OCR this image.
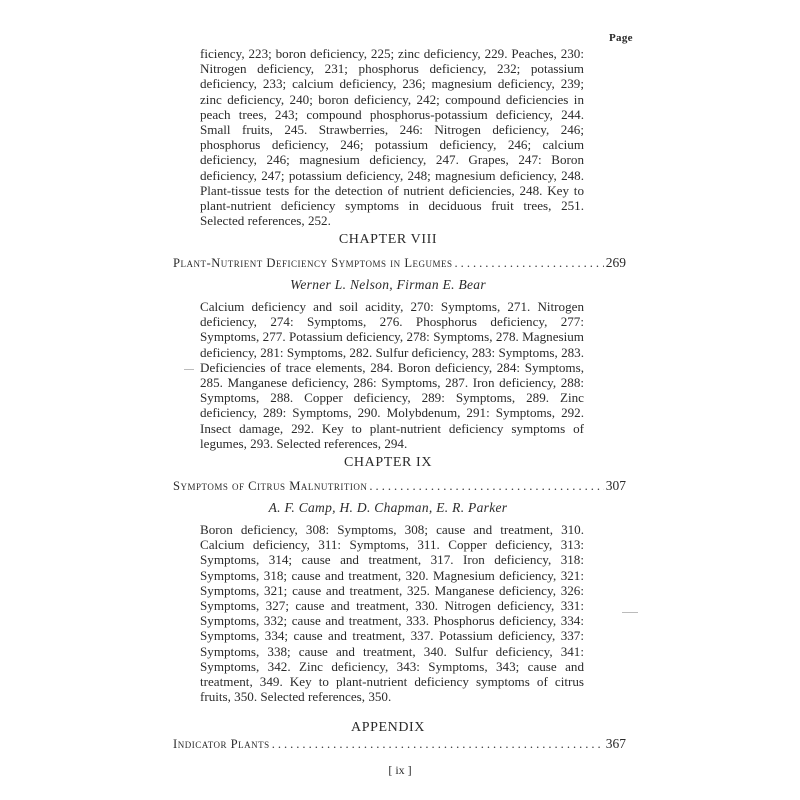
Page

ficiency, 223; boron deficiency, 225; zinc deficiency, 229. Peaches, 230: Nitrogen deficiency, 231; phosphorus deficiency, 232; potassium deficiency, 233; calcium deficiency, 236; magnesium deficiency, 239; zinc deficiency, 240; boron deficiency, 242; compound deficiencies in peach trees, 243; compound phosphorus-potassium deficiency, 244. Small fruits, 245. Strawberries, 246: Nitrogen deficiency, 246; phosphorus deficiency, 246; potassium deficiency, 246; calcium deficiency, 246; magnesium deficiency, 247. Grapes, 247: Boron deficiency, 247; potassium deficiency, 248; magnesium deficiency, 248. Plant-tissue tests for the detection of nutrient deficiencies, 248. Key to plant-nutrient deficiency symptoms in deciduous fruit trees, 251. Selected references, 252.

CHAPTER VIII
Plant-Nutrient Deficiency Symptoms in Legumes .....	269
Werner L. Nelson, Firman E. Bear

Calcium deficiency and soil acidity, 270: Symptoms, 271. Nitrogen deficiency, 274: Symptoms, 276. Phosphorus deficiency, 277: Symptoms, 277. Potassium deficiency, 278: Symptoms, 278. Magnesium deficiency, 281: Symptoms, 282. Sulfur deficiency, 283: Symptoms, 283. Deficiencies of trace elements, 284. Boron deficiency, 284: Symptoms, 285. Manganese deficiency, 286: Symptoms, 287. Iron deficiency, 288: Symptoms, 288. Copper deficiency, 289: Symptoms, 289. Zinc deficiency, 289: Symptoms, 290. Molybdenum, 291: Symptoms, 292. Insect damage, 292. Key to plant-nutrient deficiency symptoms of legumes, 293. Selected references, 294.

CHAPTER IX
Symptoms of Citrus Malnutrition .....	307
A. F. Camp, H. D. Chapman, E. R. Parker

Boron deficiency, 308: Symptoms, 308; cause and treatment, 310. Calcium deficiency, 311: Symptoms, 311. Copper deficiency, 313: Symptoms, 314; cause and treatment, 317. Iron deficiency, 318: Symptoms, 318; cause and treatment, 320. Magnesium deficiency, 321: Symptoms, 321; cause and treatment, 325. Manganese deficiency, 326: Symptoms, 327; cause and treatment, 330. Nitrogen deficiency, 331: Symptoms, 332; cause and treatment, 333. Phosphorus deficiency, 334: Symptoms, 334; cause and treatment, 337. Potassium deficiency, 337: Symptoms, 338; cause and treatment, 340. Sulfur deficiency, 341: Symptoms, 342. Zinc deficiency, 343: Symptoms, 343; cause and treatment, 349. Key to plant-nutrient deficiency symptoms of citrus fruits, 350. Selected references, 350.

APPENDIX
Indicator Plants .....	367
[ ix ]
